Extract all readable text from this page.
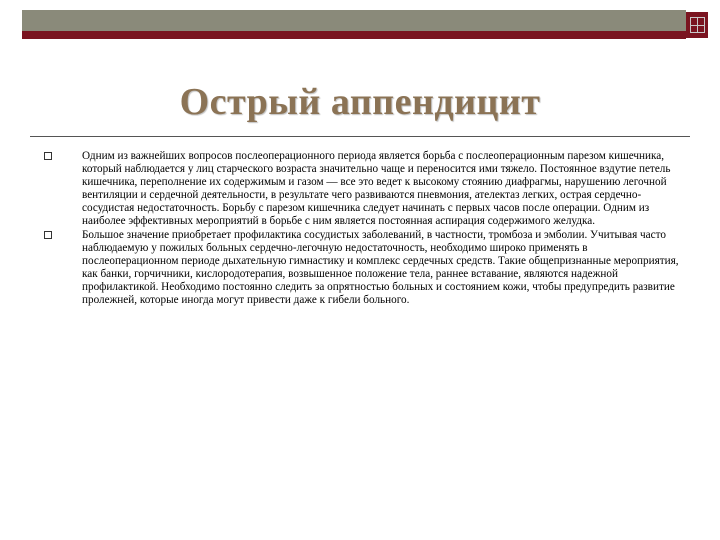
Острый аппендицит
Одним из важнейших вопросов послеоперационного периода является борьба с послеоперационным парезом кишечника, который наблюдается у лиц старческого возраста значительно чаще и переносится ими тяжело. Постоянное вздутие петель кишечника, переполнение их содержимым и газом — все это ведет к высокому стоянию диафрагмы, нарушению легочной вентиляции и сердечной деятельности, в результате чего развиваются пневмония, ателектаз легких, острая сердечно-сосудистая недостаточность. Борьбу с парезом кишечника следует начинать с первых часов после операции. Одним из наиболее эффективных мероприятий в борьбе с ним является постоянная аспирация содержимого желудка.
Большое значение приобретает профилактика сосудистых заболеваний, в частности, тромбоза и эмболии. Учитывая часто наблюдаемую у пожилых больных сердечно-легочную недостаточность, необходимо широко применять в послеоперационном периоде дыхательную гимнастику и комплекс сердечных средств. Такие общепризнанные мероприятия, как банки, горчичники, кислородотерапия, возвышенное положение тела, раннее вставание, являются надежной профилактикой. Необходимо постоянно следить за опрятностью больных и состоянием кожи, чтобы предупредить развитие пролежней, которые иногда могут привести даже к гибели больного.
